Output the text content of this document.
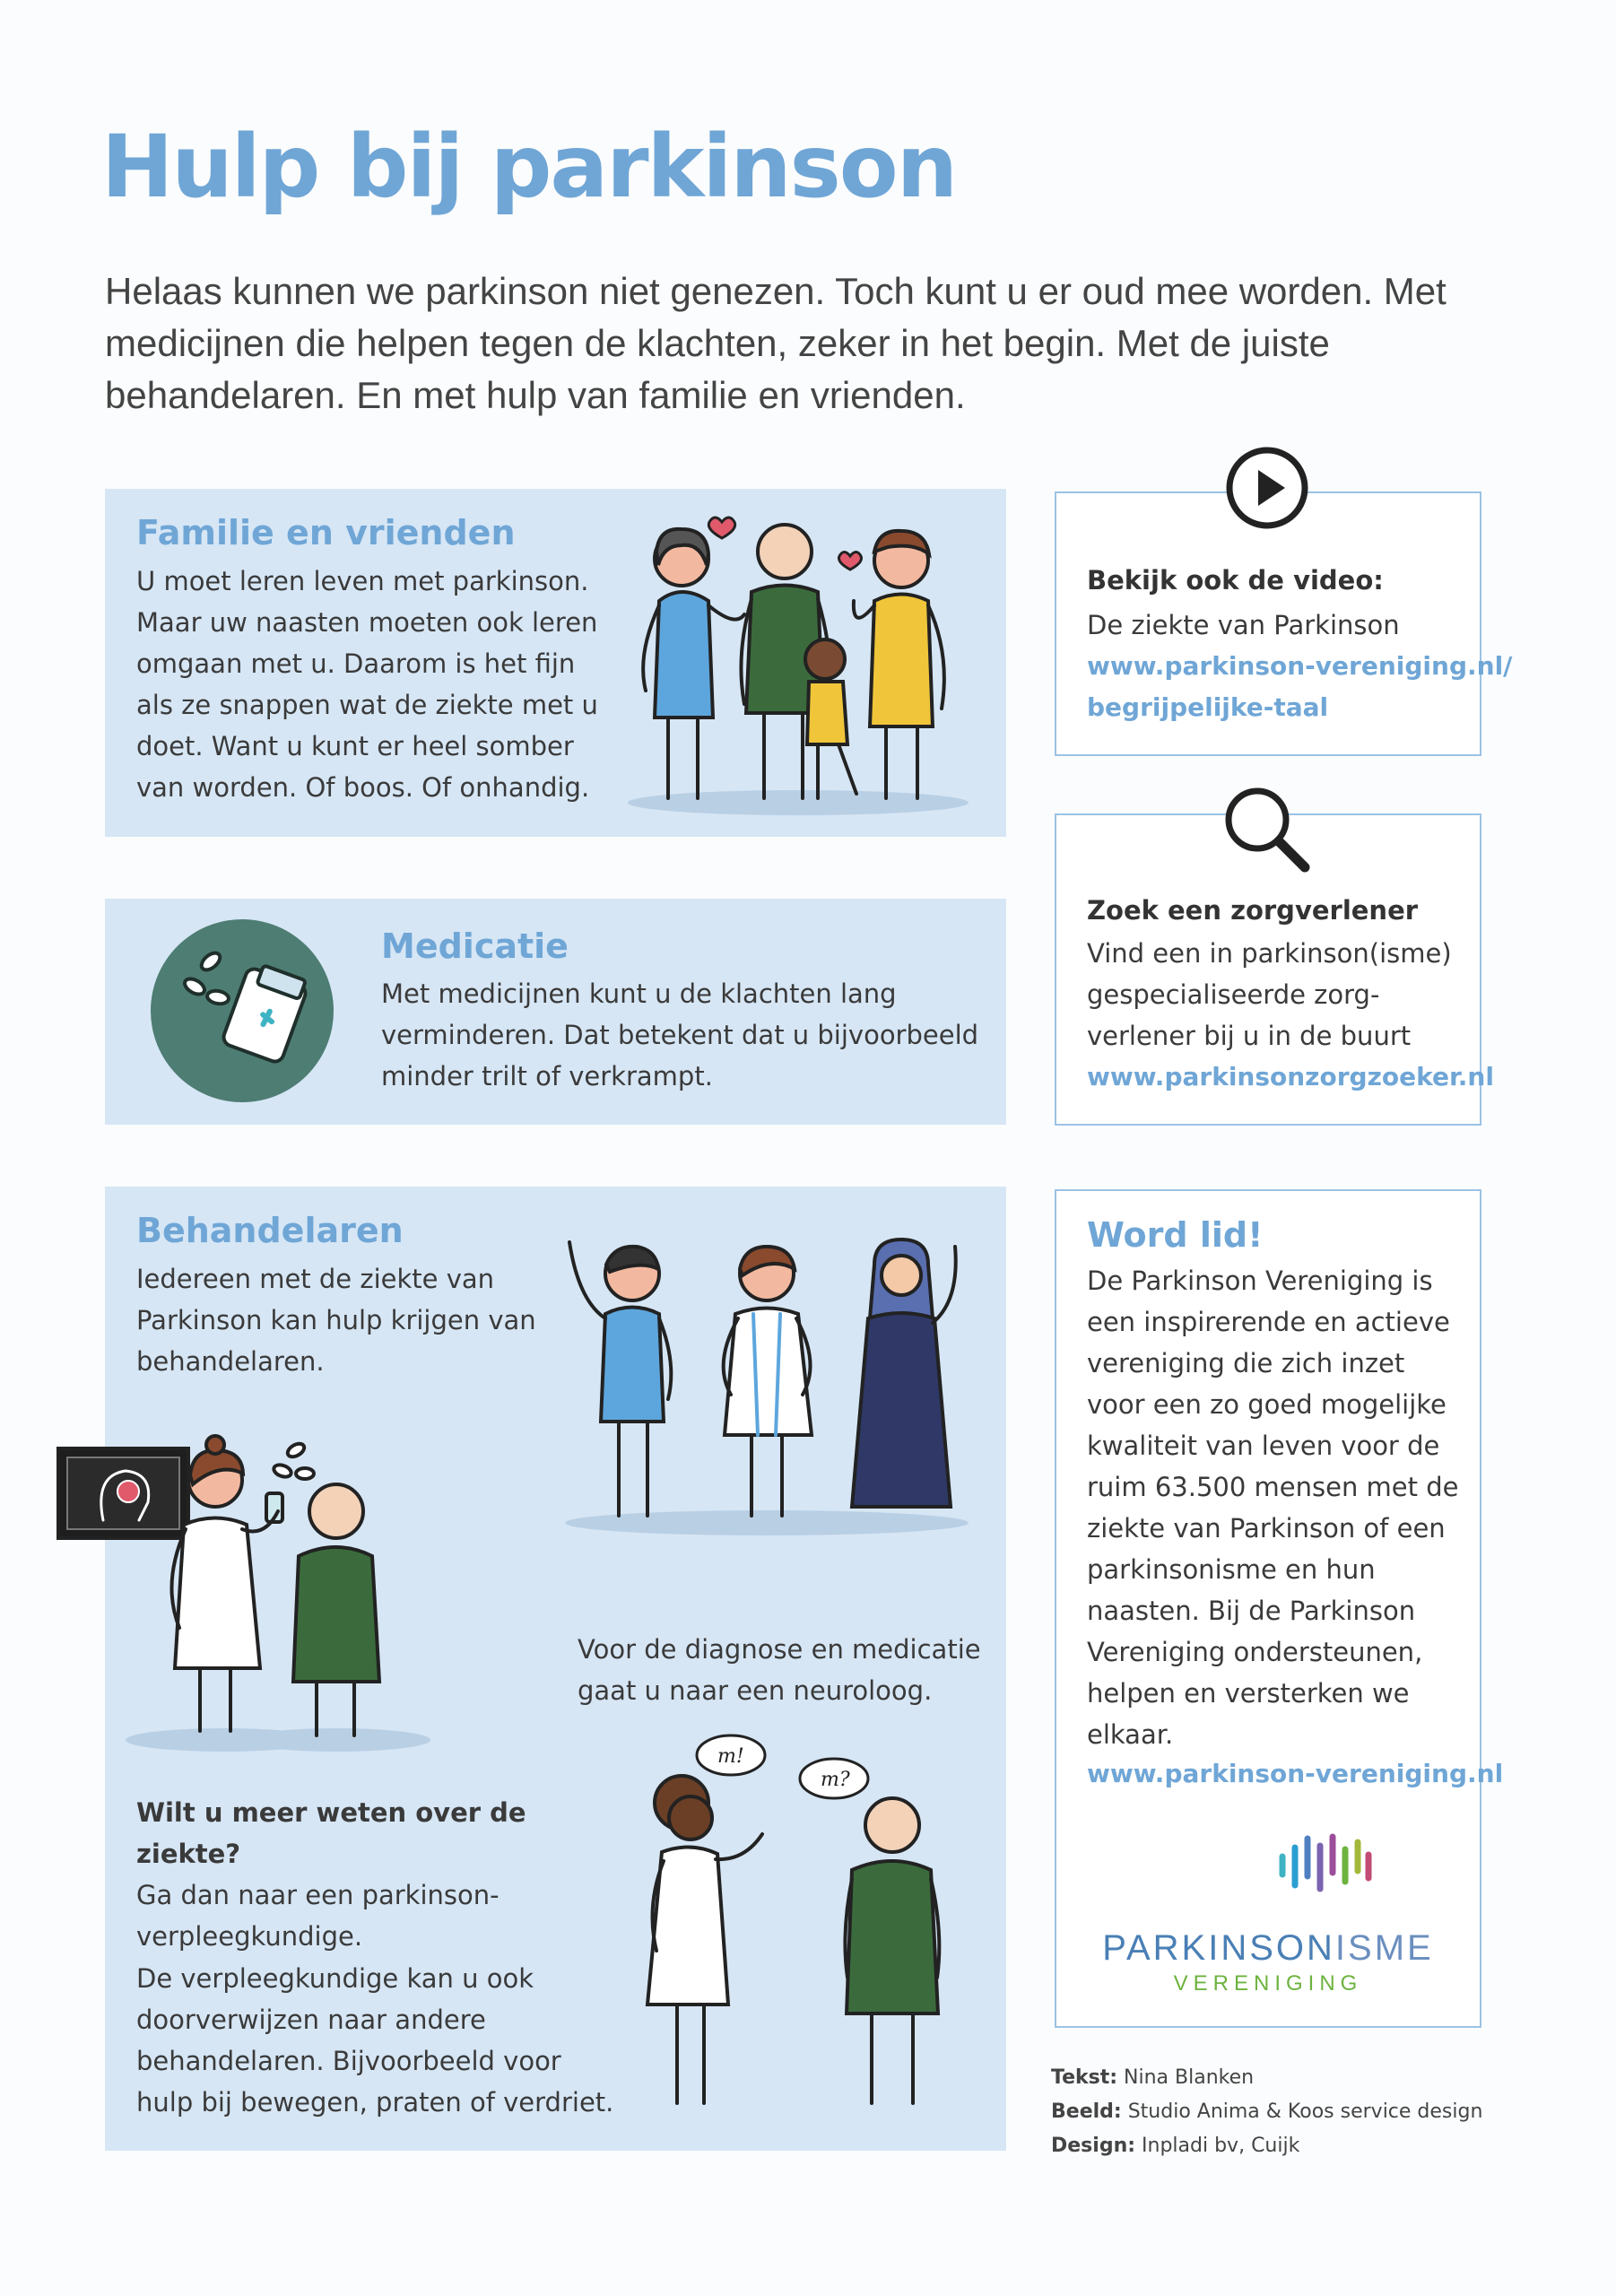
Hulp bij parkinson

Helaas kunnen we parkinson niet genezen. Toch kunt u er oud mee worden. Met medicijnen die helpen tegen de klachten, zeker in het begin. Met de juiste behandelaren. En met hulp van familie en vrienden.

Familie en vrienden
U moet leren leven met parkinson.
Maar uw naasten moeten ook leren
omgaan met u. Daarom is het fijn
als ze snappen wat de ziekte met u
doet. Want u kunt er heel somber
van worden. Of boos. Of onhandig.
Medicatie
Met medicijnen kunt u de klachten lang
verminderen. Dat betekent dat u bijvoorbeeld
minder trilt of verkrampt.
Behandelaren
Iedereen met de ziekte van
Parkinson kan hulp krijgen van
behandelaren.
Voor de diagnose en medicatie
gaat u naar een neuroloog.
Wilt u meer weten over de ziekte?
Ga dan naar een parkinson-
verpleegkundige.
De verpleegkundige kan u ook
doorverwijzen naar andere
behandelaren. Bijvoorbeeld voor
hulp bij bewegen, praten of verdriet.
m!
m?
Bekijk ook de video:
De ziekte van Parkinson
www.parkinson-vereniging.nl/
begrijpelijke-taal
Zoek een zorgverlener
Vind een in parkinson(isme)
gespecialiseerde zorg-
verlener bij u in de buurt
www.parkinsonzorgzoeker.nl
Word lid!
De Parkinson Vereniging is
een inspirerende en actieve
vereniging die zich inzet
voor een zo goed mogelijke
kwaliteit van leven voor de
ruim 63.500 mensen met de
ziekte van Parkinson of een
parkinsonisme en hun
naasten. Bij de Parkinson
Vereniging ondersteunen,
helpen en versterken we
elkaar.
www.parkinson-vereniging.nl
PARKINSONISME
VERENIGING
Tekst: Nina Blanken
Beeld: Studio Anima & Koos service design
Design: Inpladi bv, Cuijk
